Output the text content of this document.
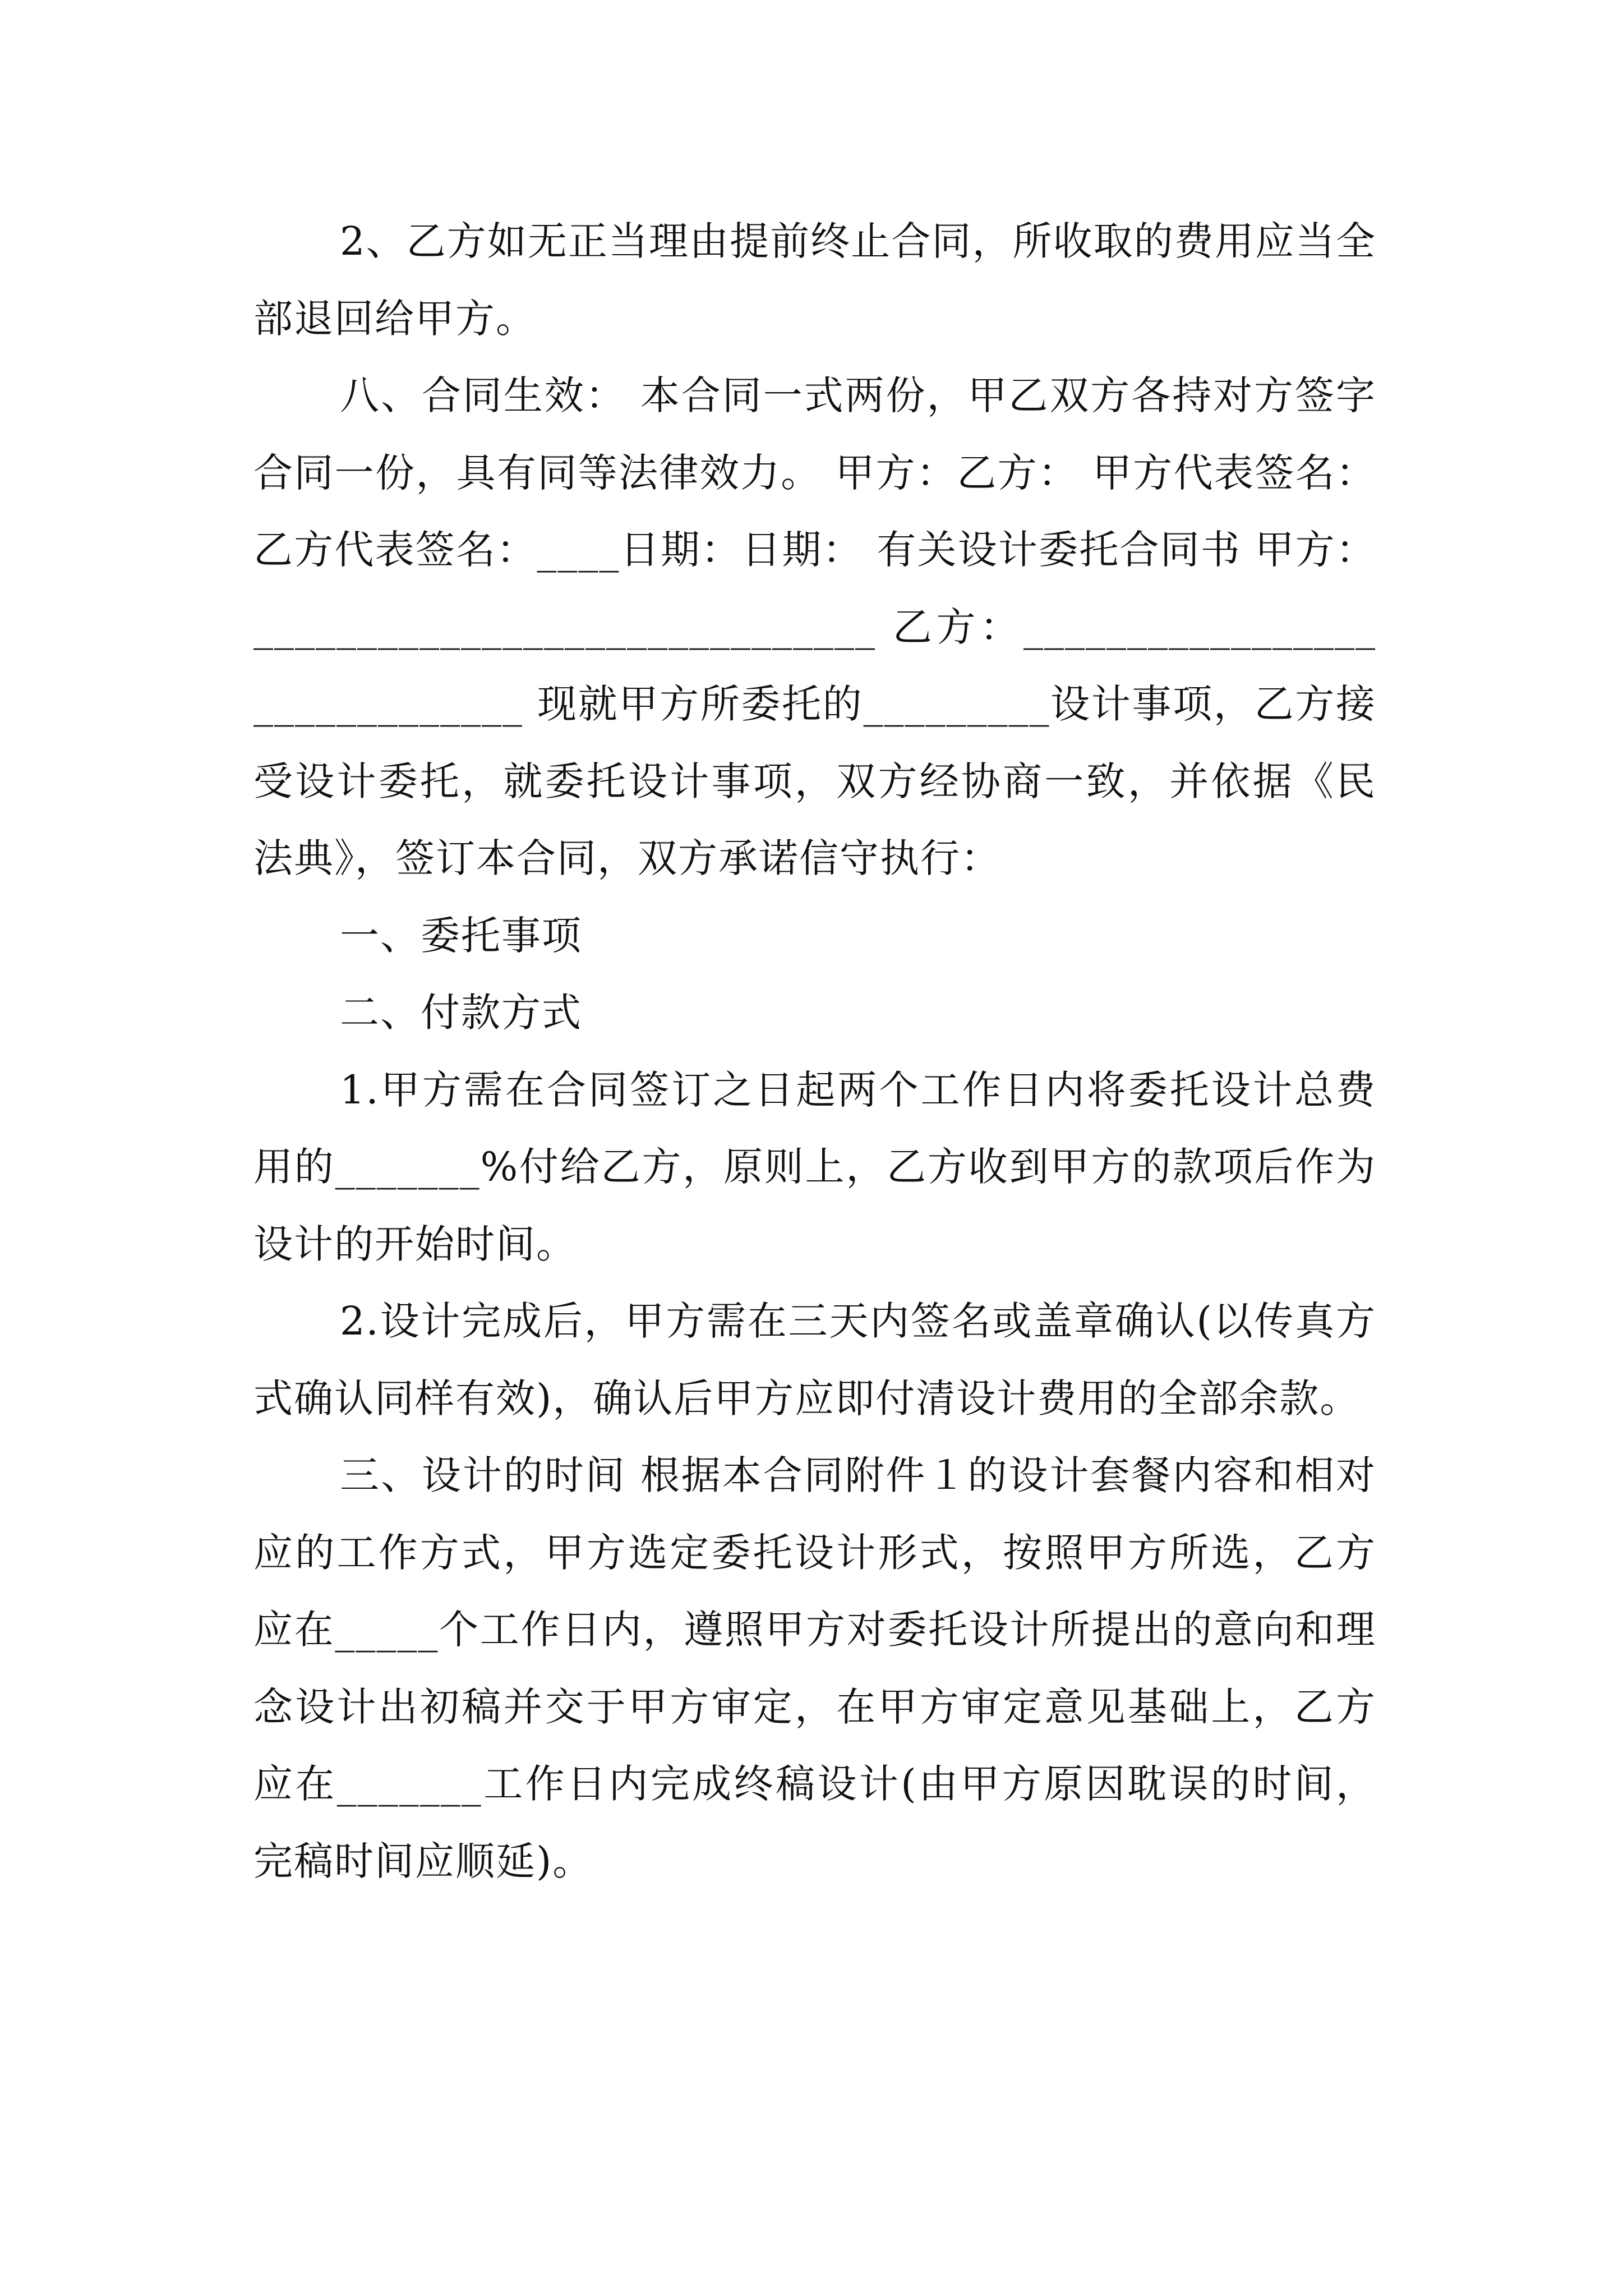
2、乙方如无正当理由提前终止合同，所收取的费用应当全部退回给甲方。

八、合同生效： 本合同一式两份，甲乙双方各持对方签字合同一份，具有同等法律效力。 甲方：乙方： 甲方代表签名：乙方代表签名：____日期：日期： 有关设计委托合同书 甲方：______________________________ 乙方：______________________________ 现就甲方所委托的_________设计事项，乙方接受设计委托，就委托设计事项，双方经协商一致，并依据《民法典》，签订本合同，双方承诺信守执行：

一、委托事项

二、付款方式

1.甲方需在合同签订之日起两个工作日内将委托设计总费用的_______%付给乙方，原则上，乙方收到甲方的款项后作为设计的开始时间。

2.设计完成后，甲方需在三天内签名或盖章确认(以传真方式确认同样有效)，确认后甲方应即付清设计费用的全部余款。

三、设计的时间 根据本合同附件１的设计套餐内容和相对应的工作方式，甲方选定委托设计形式，按照甲方所选，乙方应在_____个工作日内，遵照甲方对委托设计所提出的意向和理念设计出初稿并交于甲方审定，在甲方审定意见基础上，乙方应在_______工作日内完成终稿设计(由甲方原因耽误的时间，完稿时间应顺延)。
